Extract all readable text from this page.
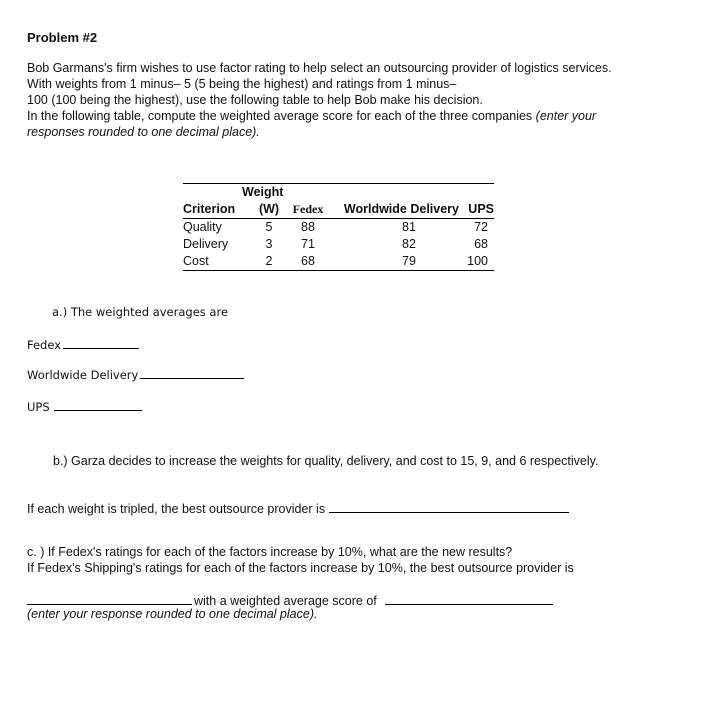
Problem #2
Bob Garmans's firm wishes to use factor rating to help select an outsourcing provider of logistics services.
With weights from 1 minus– 5 (5 being the highest) and ratings from 1 minus–
100 (100 being the highest), use the following table to help Bob make his decision.
In the following table, compute the weighted average score for each of the three companies (enter your
responses rounded to one decimal place).
	Weight			
Criterion	(W)	Fedex	Worldwide Delivery	UPS
Quality	5	88	81	72
Delivery	3	71	82	68
Cost	2	68	79	100
a.) The weighted averages are
Fedex
Worldwide Delivery
UPS
b.) Garza decides to increase the weights for quality, delivery, and cost to 15, 9, and 6 respectively.
If each weight is tripled, the best outsource provider is
c. ) If Fedex's ratings for each of the factors increase by 10%, what are the new results?
If Fedex's Shipping's ratings for each of the factors increase by 10%, the best outsource provider is
with a weighted average score of
(enter your response rounded to one decimal place).
